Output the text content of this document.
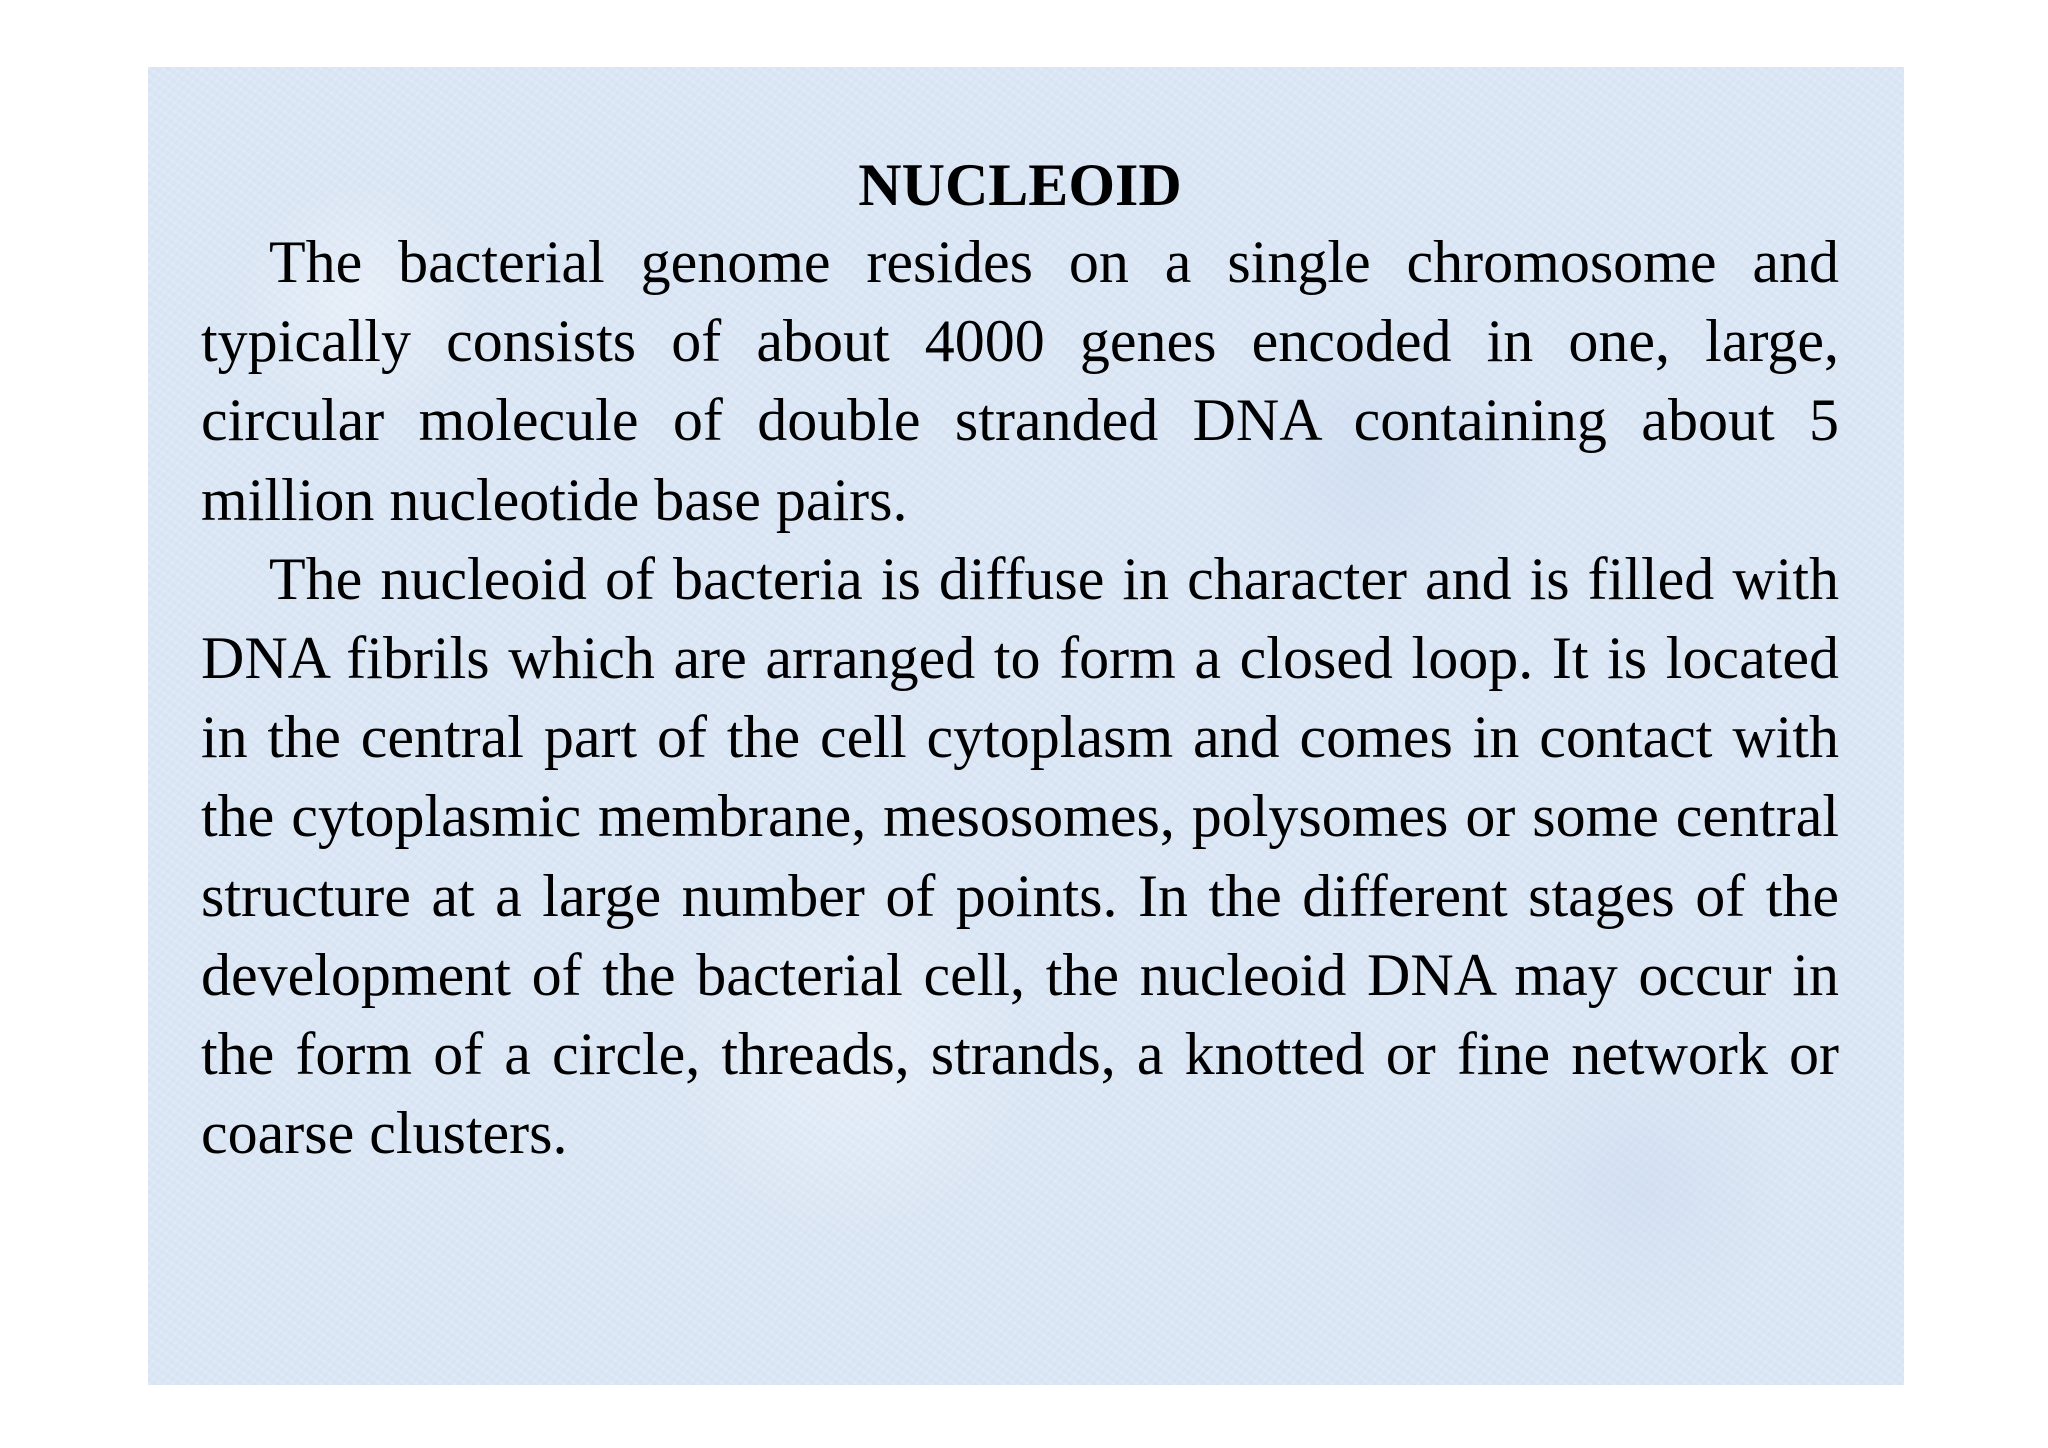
NUCLEOID

The bacterial genome resides on a single chromosome and typically consists of about 4000 genes encoded in one, large, circular molecule of double stranded DNA containing about 5 million nucleotide base pairs.

The nucleoid of bacteria is diffuse in character and is filled with DNA fibrils which are arranged to form a closed loop. It is located in the central part of the cell cytoplasm and comes in contact with the cytoplasmic membrane, mesosomes, polysomes or some central structure at a large number of points. In the different stages of the development of the bacterial cell, the nucleoid DNA may occur in the form of a circle, threads, strands, a knotted or fine network or coarse clusters.
